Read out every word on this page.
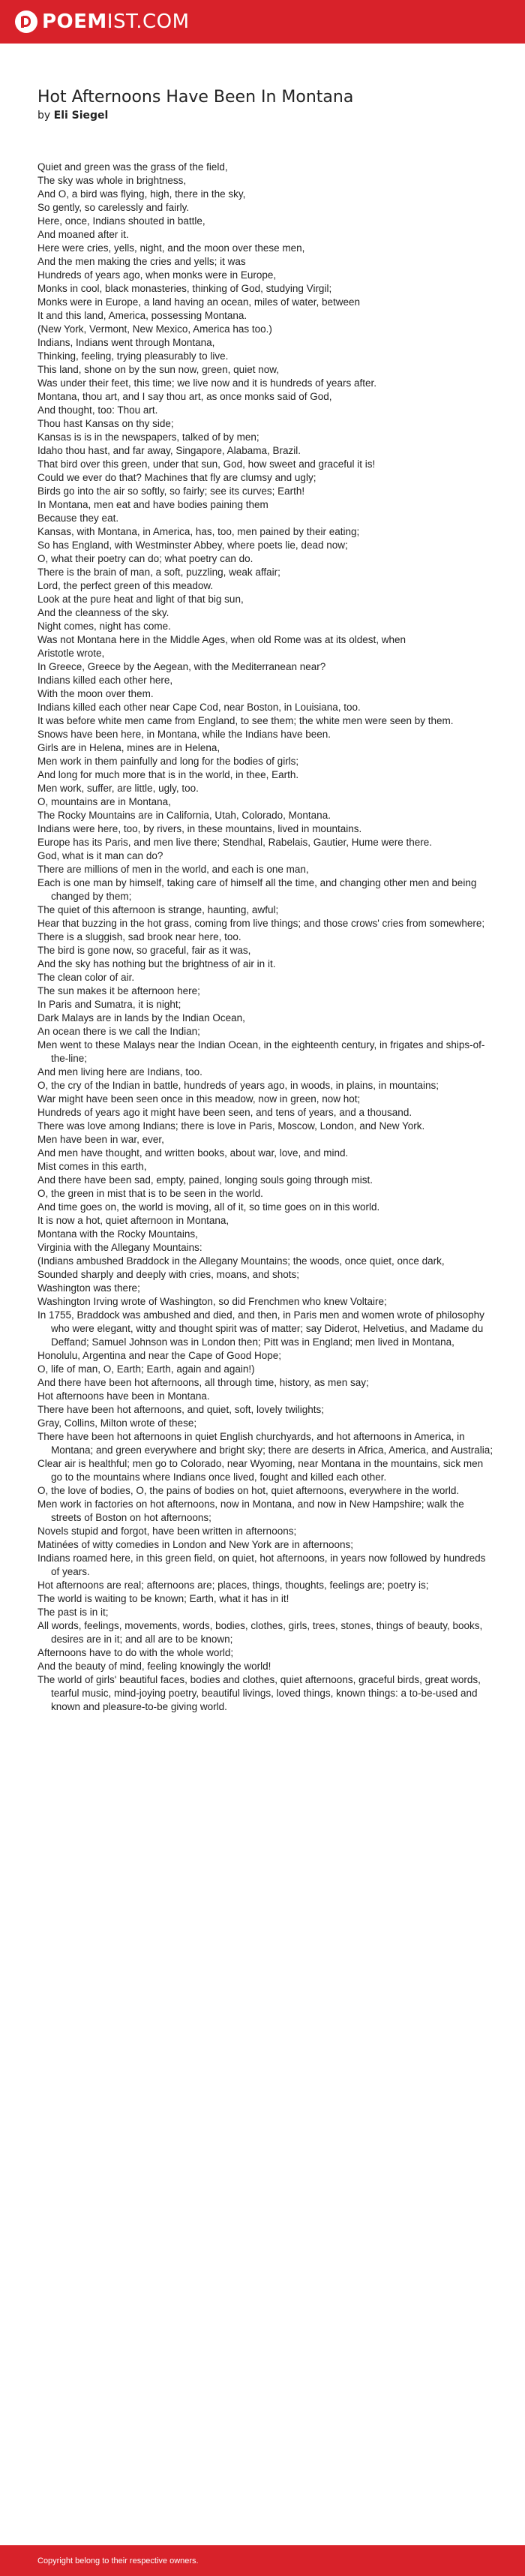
POEMIST.COM
Hot Afternoons Have Been In Montana
by Eli Siegel
Quiet and green was the grass of the field,
The sky was whole in brightness,
And O, a bird was flying, high, there in the sky,
So gently, so carelessly and fairly.
Here, once, Indians shouted in battle,
And moaned after it.
Here were cries, yells, night, and the moon over these men,
And the men making the cries and yells; it was
Hundreds of years ago, when monks were in Europe,
Monks in cool, black monasteries, thinking of God, studying Virgil;
Monks were in Europe, a land having an ocean, miles of water, between
It and this land, America, possessing Montana.
(New York, Vermont, New Mexico, America has too.)
Indians, Indians went through Montana,
Thinking, feeling, trying pleasurably to live.
This land, shone on by the sun now, green, quiet now,
Was under their feet, this time; we live now and it is hundreds of years after.
Montana, thou art, and I say thou art, as once monks said of God,
And thought, too: Thou art.
Thou hast Kansas on thy side;
Kansas is is in the newspapers, talked of by men;
Idaho thou hast, and far away, Singapore, Alabama, Brazil.
That bird over this green, under that sun, God, how sweet and graceful it is!
Could we ever do that? Machines that fly are clumsy and ugly;
Birds go into the air so softly, so fairly; see its curves; Earth!
In Montana, men eat and have bodies paining them
Because they eat.
Kansas, with Montana, in America, has, too, men pained by their eating;
So has England, with Westminster Abbey, where poets lie, dead now;
O, what their poetry can do; what poetry can do.
There is the brain of man, a soft, puzzling, weak affair;
Lord, the perfect green of this meadow.
Look at the pure heat and light of that big sun,
And the cleanness of the sky.
Night comes, night has come.
Was not Montana here in the Middle Ages, when old Rome was at its oldest, when
Aristotle wrote,
In Greece, Greece by the Aegean, with the Mediterranean near?
Indians killed each other here,
With the moon over them.
Indians killed each other near Cape Cod, near Boston, in Louisiana, too.
It was before white men came from England, to see them; the white men were seen by them.
Snows have been here, in Montana, while the Indians have been.
Girls are in Helena, mines are in Helena,
Men work in them painfully and long for the bodies of girls;
And long for much more that is in the world, in thee, Earth.
Men work, suffer, are little, ugly, too.
O, mountains are in Montana,
The Rocky Mountains are in California, Utah, Colorado, Montana.
Indians were here, too, by rivers, in these mountains, lived in mountains.
Europe has its Paris, and men live there; Stendhal, Rabelais, Gautier, Hume were there.
God, what is it man can do?
There are millions of men in the world, and each is one man,
Each is one man by himself, taking care of himself all the time, and changing other men and being changed by them;
The quiet of this afternoon is strange, haunting, awful;
Hear that buzzing in the hot grass, coming from live things; and those crows' cries from somewhere;
There is a sluggish, sad brook near here, too.
The bird is gone now, so graceful, fair as it was,
And the sky has nothing but the brightness of air in it.
The clean color of air.
The sun makes it be afternoon here;
In Paris and Sumatra, it is night;
Dark Malays are in lands by the Indian Ocean,
An ocean there is we call the Indian;
Men went to these Malays near the Indian Ocean, in the eighteenth century, in frigates and ships-of-the-line;
And men living here are Indians, too.
O, the cry of the Indian in battle, hundreds of years ago, in woods, in plains, in mountains;
War might have been seen once in this meadow, now in green, now hot;
Hundreds of years ago it might have been seen, and tens of years, and a thousand.
There was love among Indians; there is love in Paris, Moscow, London, and New York.
Men have been in war, ever,
And men have thought, and written books, about war, love, and mind.
Mist comes in this earth,
And there have been sad, empty, pained, longing souls going through mist.
O, the green in mist that is to be seen in the world.
And time goes on, the world is moving, all of it, so time goes on in this world.
It is now a hot, quiet afternoon in Montana,
Montana with the Rocky Mountains,
Virginia with the Allegany Mountains:
(Indians ambushed Braddock in the Allegany Mountains; the woods, once quiet, once dark,
Sounded sharply and deeply with cries, moans, and shots;
Washington was there;
Washington Irving wrote of Washington, so did Frenchmen who knew Voltaire;
In 1755, Braddock was ambushed and died, and then, in Paris men and women wrote of philosophy who were elegant, witty and thought spirit was of matter; say Diderot, Helvetius, and Madame du Deffand; Samuel Johnson was in London then; Pitt was in England; men lived in Montana,
Honolulu, Argentina and near the Cape of Good Hope;
O, life of man, O, Earth; Earth, again and again!)
And there have been hot afternoons, all through time, history, as men say;
Hot afternoons have been in Montana.
There have been hot afternoons, and quiet, soft, lovely twilights;
Gray, Collins, Milton wrote of these;
There have been hot afternoons in quiet English churchyards, and hot afternoons in America, in Montana; and green everywhere and bright sky; there are deserts in Africa, America, and Australia;
Clear air is healthful; men go to Colorado, near Wyoming, near Montana in the mountains, sick men go to the mountains where Indians once lived, fought and killed each other.
O, the love of bodies, O, the pains of bodies on hot, quiet afternoons, everywhere in the world.
Men work in factories on hot afternoons, now in Montana, and now in New Hampshire; walk the streets of Boston on hot afternoons;
Novels stupid and forgot, have been written in afternoons;
Matinées of witty comedies in London and New York are in afternoons;
Indians roamed here, in this green field, on quiet, hot afternoons, in years now followed by hundreds of years.
Hot afternoons are real; afternoons are; places, things, thoughts, feelings are; poetry is;
The world is waiting to be known; Earth, what it has in it!
The past is in it;
All words, feelings, movements, words, bodies, clothes, girls, trees, stones, things of beauty, books, desires are in it; and all are to be known;
Afternoons have to do with the whole world;
And the beauty of mind, feeling knowingly the world!
The world of girls' beautiful faces, bodies and clothes, quiet afternoons, graceful birds, great words, tearful music, mind-joying poetry, beautiful livings, loved things, known things: a to-be-used and known and pleasure-to-be giving world.
Copyright belong to their respective owners.
